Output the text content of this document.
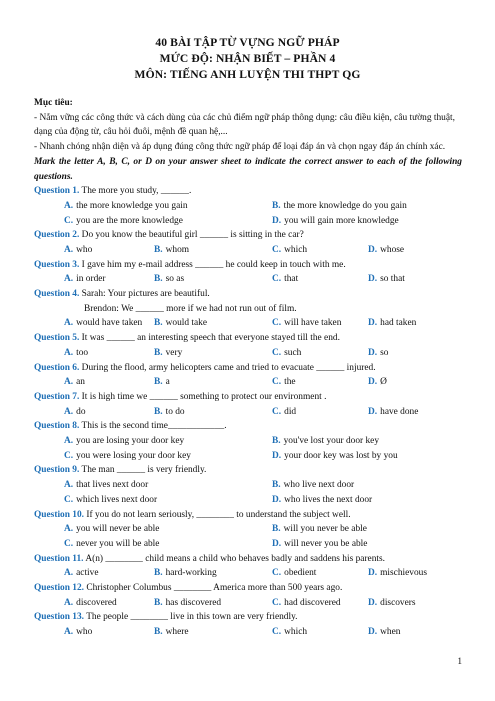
40 BÀI TẬP TỪ VỰNG NGỮ PHÁP
MỨC ĐỘ: NHẬN BIẾT – PHẦN 4
MÔN: TIẾNG ANH LUYỆN THI THPT QG
Mục tiêu:
- Nắm vững các công thức và cách dùng của các chủ điểm ngữ pháp thông dụng: câu điều kiện, câu tường thuật, dạng của động từ, câu hỏi đuôi, mệnh đề quan hệ,...
- Nhanh chóng nhận diện và áp dụng đúng công thức ngữ pháp để loại đáp án và chọn ngay đáp án chính xác.
Mark the letter A, B, C, or D on your answer sheet to indicate the correct answer to each of the following questions.
Question 1. The more you study, ______.
A. the more knowledge you gain	B. the more knowledge do you gain
C. you are the more knowledge	D. you will gain more knowledge
Question 2. Do you know the beautiful girl ______ is sitting in the car?
A. who	B. whom	C. which	D. whose
Question 3. I gave him my e-mail address ______ he could keep in touch with me.
A. in order	B. so as	C. that	D. so that
Question 4. Sarah: Your pictures are beautiful.
Brendon: We ______ more if we had not run out of film.
A. would have taken B. would take	C. will have taken	D. had taken
Question 5. It was ______ an interesting speech that everyone stayed till the end.
A. too	B. very	C. such	D. so
Question 6. During the flood, army helicopters came and tried to evacuate ______ injured.
A. an	B. a	C. the	D. Ø
Question 7. It is high time we ______ something to protect our environment .
A. do	B. to do	C. did	D. have done
Question 8. This is the second time____________.
A. you are losing your door key	B. you've lost your door key
C. you were losing your door key	D. your door key was lost by you
Question 9. The man ______ is very friendly.
A. that lives next door	B. who live next door
C. which lives next door	D. who lives the next door
Question 10. If you do not learn seriously, ________ to understand the subject well.
A. you will never be able	B. will you never be able
C. never you will be able	D. will never you be able
Question 11. A(n) ________ child means a child who behaves badly and saddens his parents.
A. active	B. hard-working	C. obedient	D. mischievous
Question 12. Christopher Columbus ________ America more than 500 years ago.
A. discovered	B. has discovered	C. had discovered	D. discovers
Question 13. The people ________ live in this town are very friendly.
A. who	B. where	C. which	D. when
1
